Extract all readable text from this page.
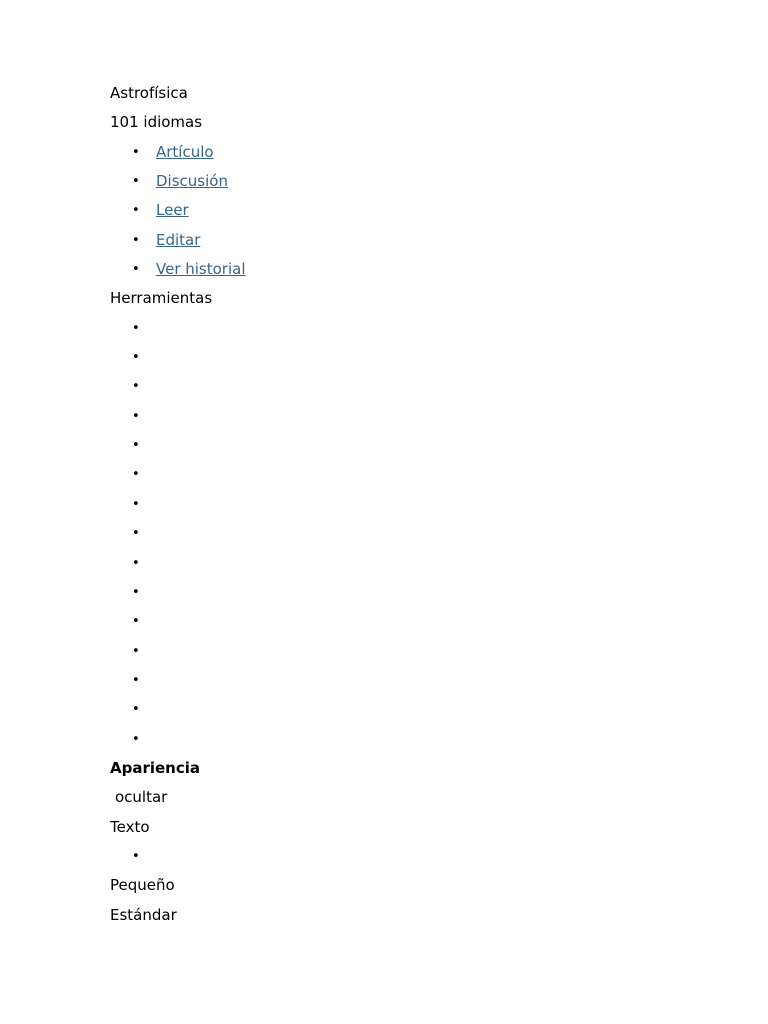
Astrofísica
101 idiomas
• Artículo
• Discusión
• Leer
• Editar
• Ver historial
Herramientas
•
•
•
•
•
•
•
•
•
•
•
•
•
•
•
Apariencia
ocultar
Texto
•
Pequeño
Estándar
